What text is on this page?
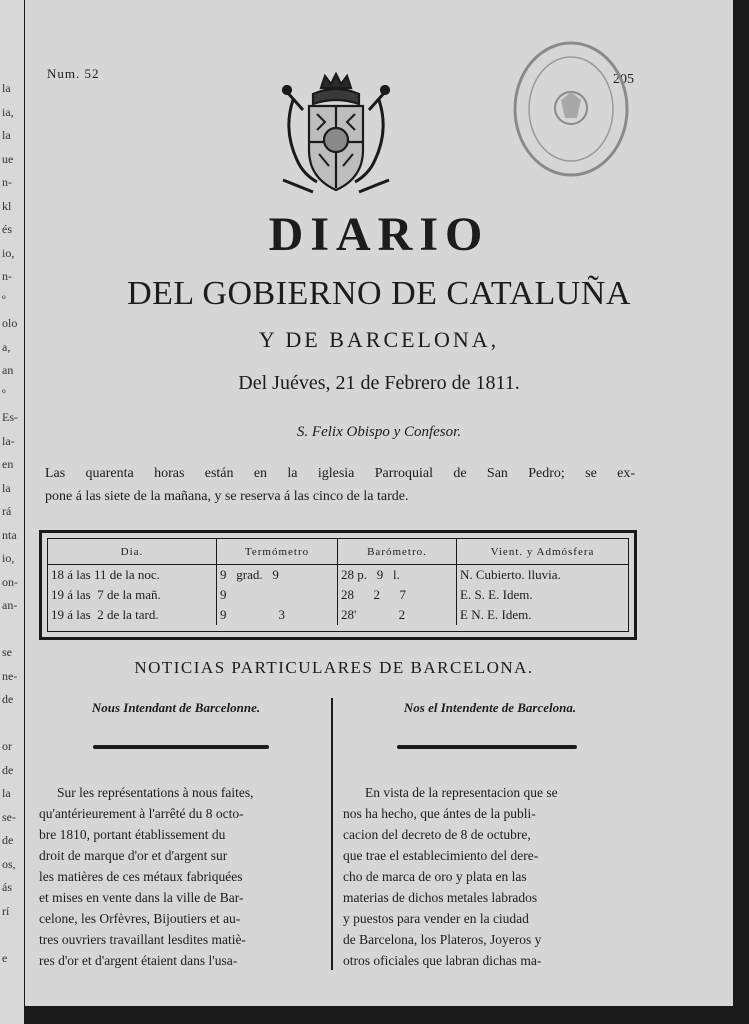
la
ia,
la
ue
n-
kl
és
io,
n-
º
olo
a,
an
º
Es-
la-
en
la
rá
nta
io,
on-
an-
se
ne-
de
or
de
la
se-
de
os,
ás
rí
e
Num. 52	205
DIARIO
DEL GOBIERNO DE CATALUÑA
Y DE BARCELONA,
Del Juéves, 21 de Febrero de 1811.
S. Felix Obispo y Confesor.
Las quarenta horas están en la iglesia Parroquial de San Pedro; se ex-
pone á las siete de la mañana, y se reserva á las cinco de la tarde.
Dia.	Termómetro	Barómetro.	Vient. y Admósfera
18 á las 11 de la noc.	9   grad.   9	28 p.   9   l.	N. Cubierto. lluvia.
19 á las  7 de la mañ.	9	28      2      7	E. S. E. Idem.
19 á las  2 de la tard.	9                3	28'             2	E N. E. Idem.
NOTICIAS PARTICULARES DE BARCELONA.
Nous Intendant de Barcelonne.	Nos el Intendente de Barcelona.
Sur les représentations à nous faites,
qu'antérieurement à l'arrêté du 8 octo-
bre 1810, portant établissement du
droit de marque d'or et d'argent sur
les matières de ces métaux fabriquées
et mises en vente dans la ville de Bar-
celone, les Orfèvres, Bijoutiers et au-
tres ouvriers travaillant lesdites matiè-
res d'or et d'argent étaient dans l'usa-
En vista de la representacion que se
nos ha hecho, que ántes de la publi-
cacion del decreto de 8 de octubre,
que trae el establecimiento del dere-
cho de marca de oro y plata en las
materias de dichos metales labrados
y puestos para vender en la ciudad
de Barcelona, los Plateros, Joyeros y
otros oficiales que labran dichas ma-
